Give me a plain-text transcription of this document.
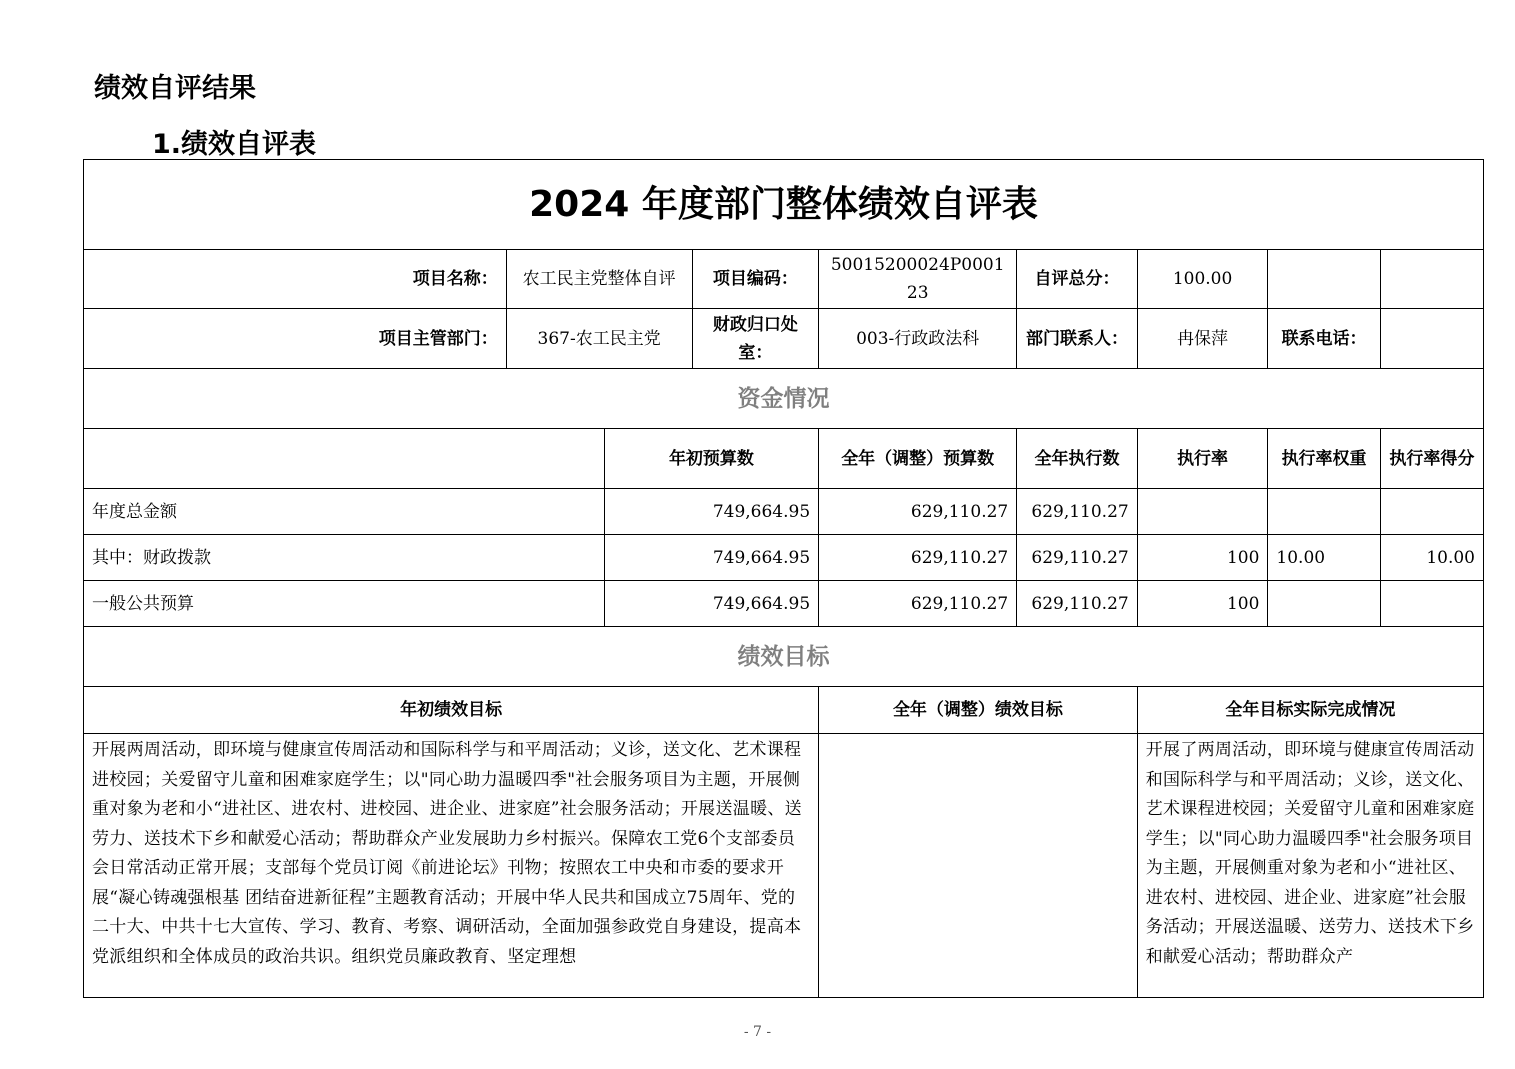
绩效自评结果
1.绩效自评表
2024 年度部门整体绩效自评表								
项目名称：	农工民主党整体自评		项目编码：	50015200024P000123	自评总分：	100.00		
项目主管部门：	367-农工民主党		财政归口处室：	003-行政政法科	部门联系人：	冉保萍	联系电话：	
资金情况								
		年初预算数		全年（调整）预算数	全年执行数	执行率	执行率权重	执行率得分
年度总金额		749,664.95		629,110.27	629,110.27			
其中：财政拨款		749,664.95		629,110.27	629,110.27	100	10.00	10.00
一般公共预算		749,664.95		629,110.27	629,110.27	100		
绩效目标								
年初绩效目标				全年（调整）绩效目标		全年目标实际完成情况		
开展两周活动，即环境与健康宣传周活动和国际科学与和平周活动；义诊，送文化、艺术课程进校园；关爱留守儿童和困难家庭学生；以"同心助力温暖四季"社会服务项目为主题，开展侧重对象为老和小“进社区、进农村、进校园、进企业、进家庭”社会服务活动；开展送温暖、送劳力、送技术下乡和献爱心活动；帮助群众产业发展助力乡村振兴。保障农工党6个支部委员会日常活动正常开展；支部每个党员订阅《前进论坛》刊物；按照农工中央和市委的要求开展“凝心铸魂强根基 团结奋进新征程”主题教育活动；开展中华人民共和国成立75周年、党的二十大、中共十七大宣传、学习、教育、考察、调研活动，全面加强参政党自身建设，提高本党派组织和全体成员的政治共识。组织党员廉政教育、坚定理想						开展了两周活动，即环境与健康宣传周活动和国际科学与和平周活动；义诊，送文化、艺术课程进校园；关爱留守儿童和困难家庭学生；以"同心助力温暖四季"社会服务项目为主题，开展侧重对象为老和小“进社区、进农村、进校园、进企业、进家庭”社会服务活动；开展送温暖、送劳力、送技术下乡和献爱心活动；帮助群众产		
- 7 -
